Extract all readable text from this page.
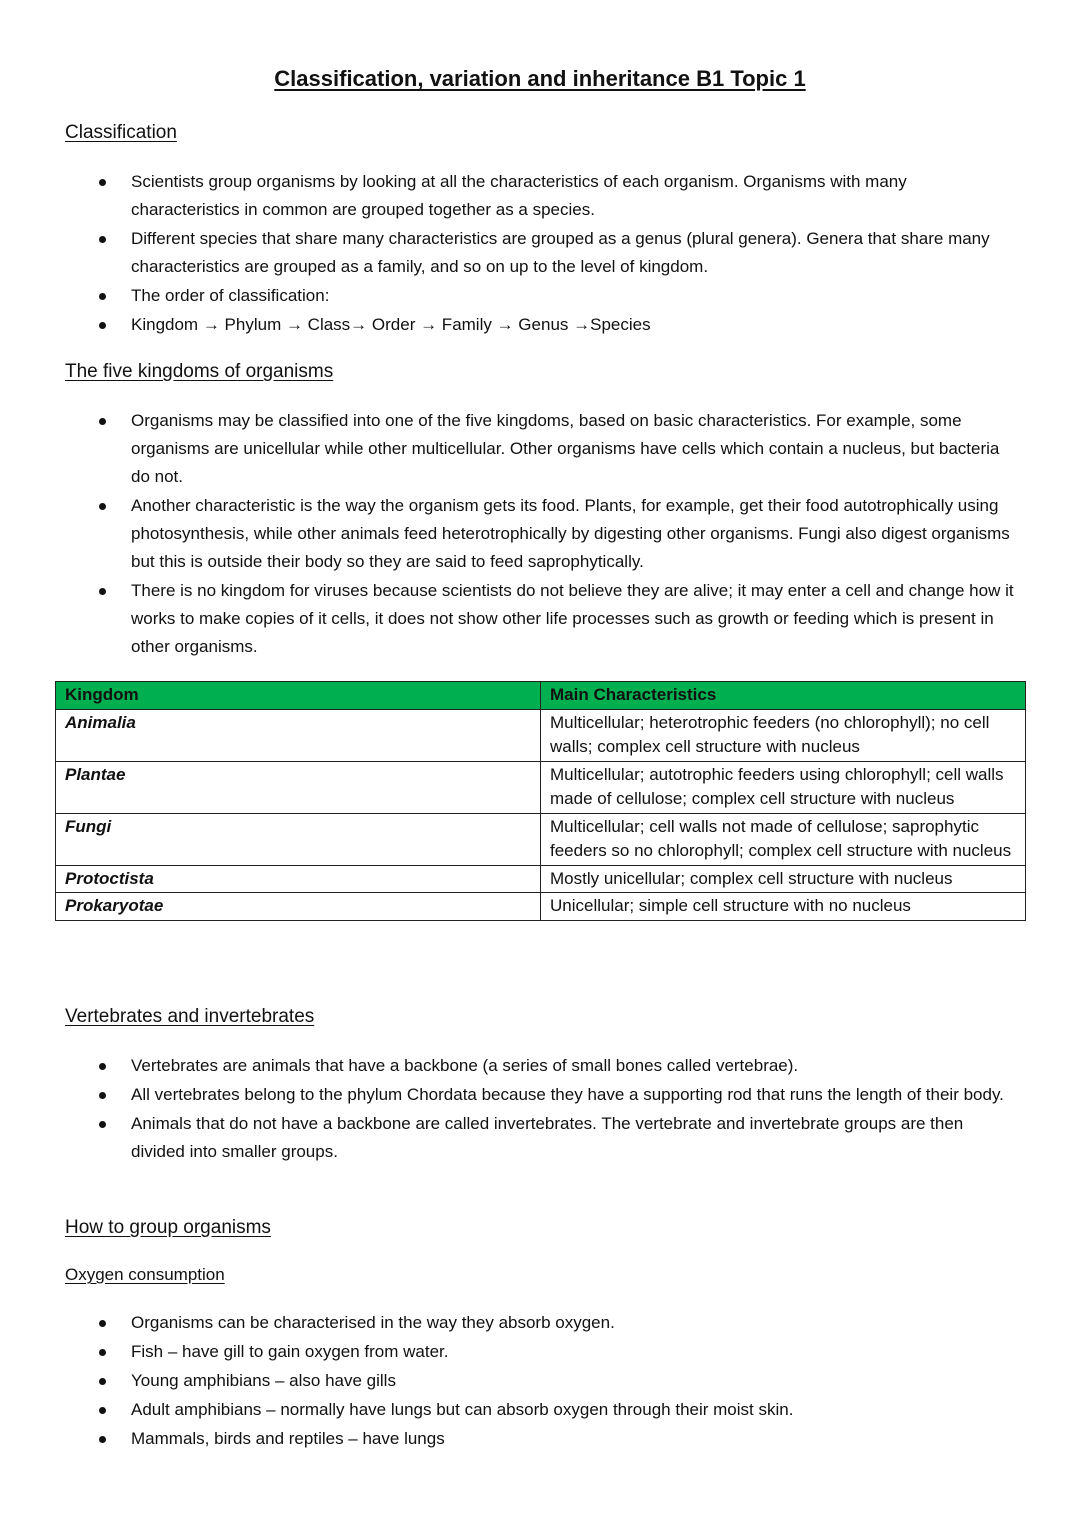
Classification, variation and inheritance B1 Topic 1
Classification
Scientists group organisms by looking at all the characteristics of each organism. Organisms with many characteristics in common are grouped together as a species.
Different species that share many characteristics are grouped as a genus (plural genera). Genera that share many characteristics are grouped as a family, and so on up to the level of kingdom.
The order of classification:
Kingdom → Phylum → Class→ Order → Family → Genus →Species
The five kingdoms of organisms
Organisms may be classified into one of the five kingdoms, based on basic characteristics. For example, some organisms are unicellular while other multicellular. Other organisms have cells which contain a nucleus, but bacteria do not.
Another characteristic is the way the organism gets its food. Plants, for example, get their food autotrophically using photosynthesis, while other animals feed heterotrophically by digesting other organisms. Fungi also digest organisms but this is outside their body so they are said to feed saprophytically.
There is no kingdom for viruses because scientists do not believe they are alive; it may enter a cell and change how it works to make copies of it cells, it does not show other life processes such as growth or feeding which is present in other organisms.
Kingdom	Main Characteristics
Animalia	Multicellular; heterotrophic feeders (no chlorophyll); no cell walls; complex cell structure with nucleus
Plantae	Multicellular; autotrophic feeders using chlorophyll; cell walls made of cellulose; complex cell structure with nucleus
Fungi	Multicellular; cell walls not made of cellulose; saprophytic feeders so no chlorophyll; complex cell structure with nucleus
Protoctista	Mostly unicellular; complex cell structure with nucleus
Prokaryotae	Unicellular; simple cell structure with no nucleus
Vertebrates and invertebrates
Vertebrates are animals that have a backbone (a series of small bones called vertebrae).
All vertebrates belong to the phylum Chordata because they have a supporting rod that runs the length of their body.
Animals that do not have a backbone are called invertebrates. The vertebrate and invertebrate groups are then divided into smaller groups.
How to group organisms
Oxygen consumption
Organisms can be characterised in the way they absorb oxygen.
Fish – have gill to gain oxygen from water.
Young amphibians – also have gills
Adult amphibians – normally have lungs but can absorb oxygen through their moist skin.
Mammals, birds and reptiles – have lungs
